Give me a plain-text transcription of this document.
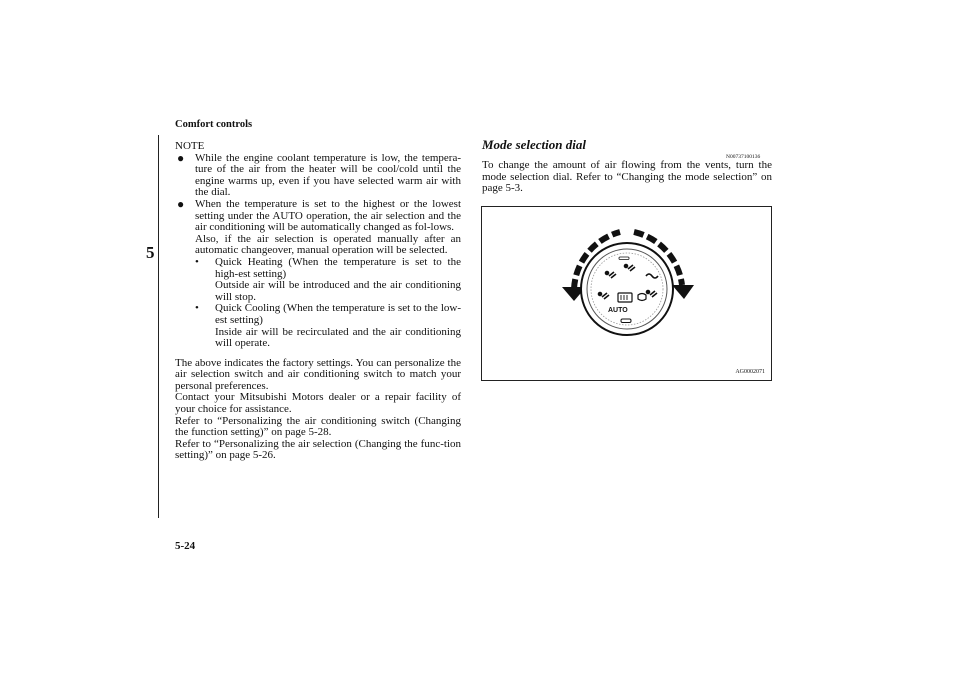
Comfort controls
5
NOTE
● While the engine coolant temperature is low, the tempera-ture of the air from the heater will be cool/cold until the engine warms up, even if you have selected warm air with the dial.
● When the temperature is set to the highest or the lowest setting under the AUTO operation, the air selection and the air conditioning will be automatically changed as fol-lows.
Also, if the air selection is operated manually after an automatic changeover, manual operation will be selected.
• Quick Heating (When the temperature is set to the high-est setting)
Outside air will be introduced and the air conditioning will stop.
• Quick Cooling (When the temperature is set to the low-est setting)
Inside air will be recirculated and the air conditioning will operate.

The above indicates the factory settings. You can personalize the air selection switch and air conditioning switch to match your personal preferences.

Contact your Mitsubishi Motors dealer or a repair facility of your choice for assistance.

Refer to “Personalizing the air conditioning switch (Changing the function setting)” on page 5-28.

Refer to “Personalizing the air selection (Changing the func-tion setting)” on page 5-26.

Mode selection dial
N00737100136
To change the amount of air flowing from the vents, turn the mode selection dial. Refer to “Changing the mode selection” on page 5-3.
AUTO
AG0002071
5-24
